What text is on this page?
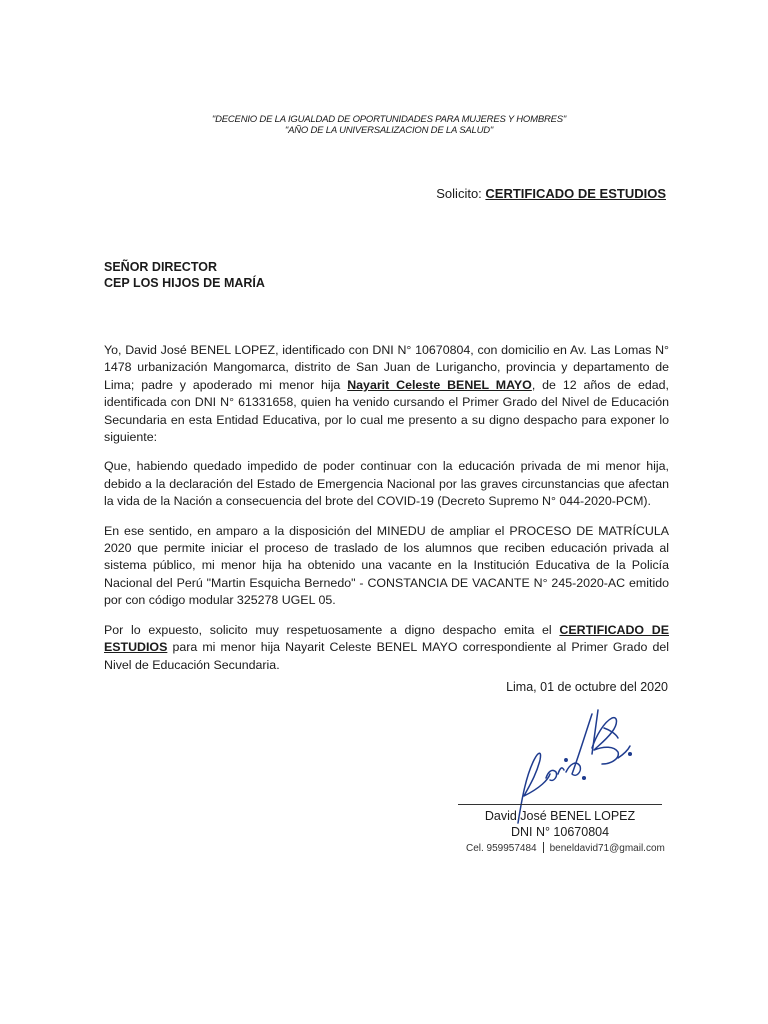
"DECENIO DE LA IGUALDAD DE OPORTUNIDADES PARA MUJERES Y HOMBRES"
"AÑO DE LA UNIVERSALIZACION DE LA SALUD"
Solicito: CERTIFICADO DE ESTUDIOS
SEÑOR DIRECTOR
CEP LOS HIJOS DE MARÍA

Yo, David José BENEL LOPEZ, identificado con DNI N° 10670804, con domicilio en Av. Las Lomas N° 1478 urbanización Mangomarca, distrito de San Juan de Lurigancho, provincia y departamento de Lima; padre y apoderado mi menor hija Nayarit Celeste BENEL MAYO, de 12 años de edad, identificada con DNI N° 61331658, quien ha venido cursando el Primer Grado del Nivel de Educación Secundaria en esta Entidad Educativa, por lo cual me presento a su digno despacho para exponer lo siguiente:

Que, habiendo quedado impedido de poder continuar con la educación privada de mi menor hija, debido a la declaración del Estado de Emergencia Nacional por las graves circunstancias que afectan la vida de la Nación a consecuencia del brote del COVID-19 (Decreto Supremo N° 044-2020-PCM).

En ese sentido, en amparo a la disposición del MINEDU de ampliar el PROCESO DE MATRÍCULA 2020 que permite iniciar el proceso de traslado de los alumnos que reciben educación privada al sistema público, mi menor hija ha obtenido una vacante en la Institución Educativa de la Policía Nacional del Perú "Martin Esquicha Bernedo" - CONSTANCIA DE VACANTE N° 245-2020-AC emitido por con código modular 325278 UGEL 05.

Por lo expuesto, solicito muy respetuosamente a digno despacho emita el CERTIFICADO DE ESTUDIOS para mi menor hija Nayarit Celeste BENEL MAYO correspondiente al Primer Grado del Nivel de Educación Secundaria.

Lima, 01 de octubre del 2020
David José BENEL LOPEZ
DNI N° 10670804
Cel. 959957484 beneldavid71@gmail.com
